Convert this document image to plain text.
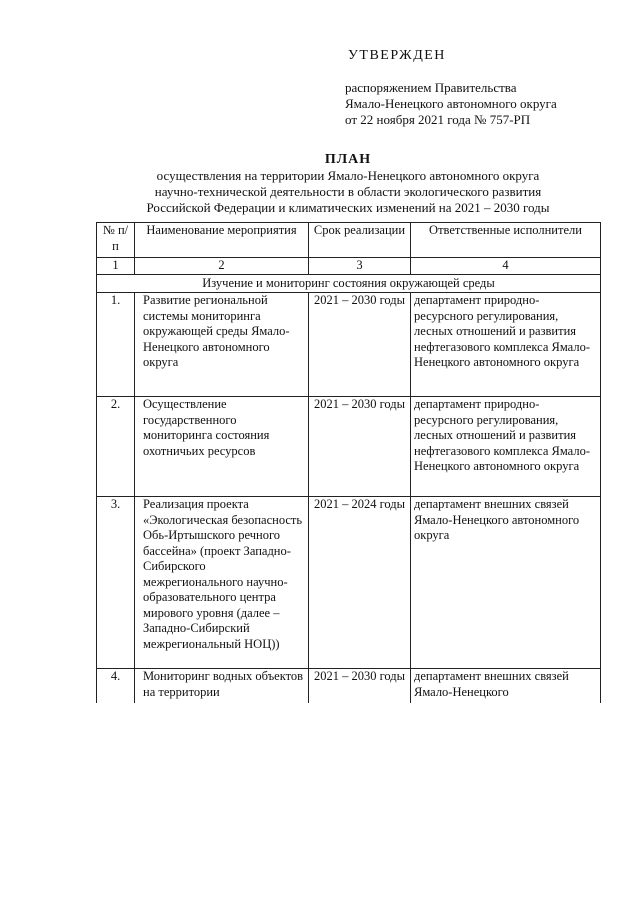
УТВЕРЖДЕН
распоряжением Правительства
Ямало-Ненецкого автономного округа
от 22 ноября 2021 года № 757-РП
ПЛАН
осуществления на территории Ямало-Ненецкого автономного округа
научно-технической деятельности в области экологического развития
Российской Федерации и климатических изменений на 2021 – 2030 годы
№ п/п	Наименование мероприятия	Срок реализации	Ответственные исполнители
1	2	3	4
Изучение и мониторинг состояния окружающей среды			
1.	Развитие региональной системы мониторинга окружающей среды Ямало-Ненецкого автономного округа	2021 – 2030 годы	департамент природно-ресурсного регулирования, лесных отношений и развития нефтегазового комплекса Ямало-Ненецкого автономного округа
2.	Осуществление государственного мониторинга состояния охотничьих ресурсов	2021 – 2030 годы	департамент природно-ресурсного регулирования, лесных отношений и развития нефтегазового комплекса Ямало-Ненецкого автономного округа
3.	Реализация проекта «Экологическая безопасность Обь-Иртышского речного бассейна» (проект Западно-Сибирского межрегионального научно-образовательного центра мирового уровня (далее – Западно-Сибирский межрегиональный НОЦ))	2021 – 2024 годы	департамент внешних связей Ямало-Ненецкого автономного округа
4.	Мониторинг водных объектов на территории	2021 – 2030 годы	департамент внешних связей Ямало-Ненецкого
